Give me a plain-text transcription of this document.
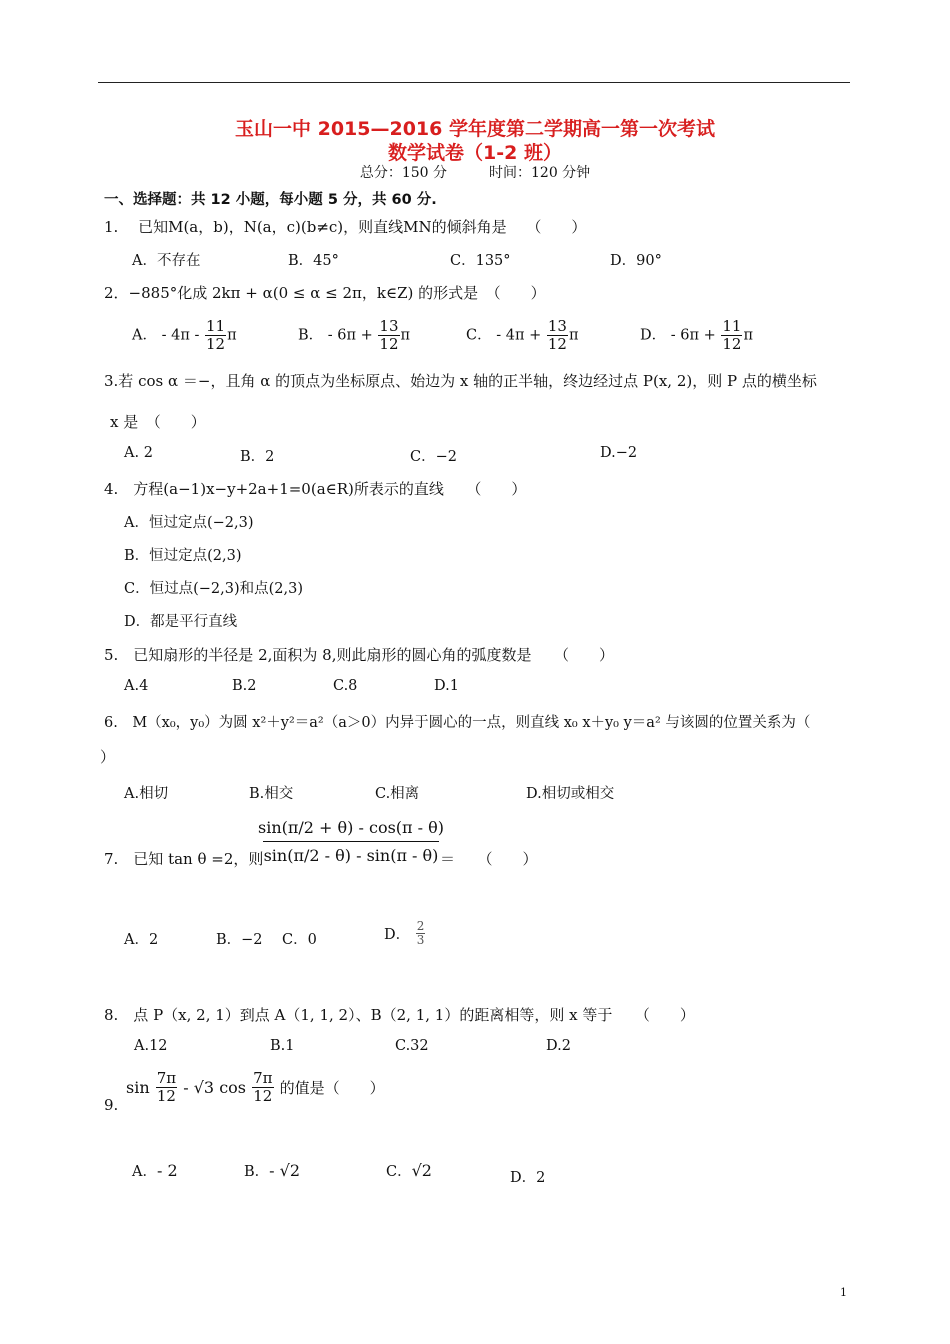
玉山一中 2015—2016 学年度第二学期高一第一次考试
数学试卷（1-2 班）
总分：150 分　　　时间：120 分钟
一、选择题：共 12 小题，每小题 5 分，共 60 分.
1.　 已知M(a，b)，N(a，c)(b≠c)，则直线MN的倾斜角是　 （　　）
A．不存在	B．45°	C．135°	D．90°
2．−885°化成 2kπ + α(0 ≤ α ≤ 2π，k∈Z) 的形式是　（　　）
A． - $4\pi - \frac{11}{12}$ π	B． - $6\pi + \frac{13}{12}$ π	C． - $4\pi + \frac{13}{12}$ π	D． - $6\pi + \frac{11}{12}$ π
3.若 cos α ＝−，且角 α 的顶点为坐标原点、始边为 x 轴的正半轴，终边经过点 P(x, 2)，则 P 点的横坐标
x 是　（　　）
A. 2	B．2	C．−2	D.−2
4.　方程(a−1)x−y+2a+1=0(a∈R)所表示的直线　　（　　）
A．恒过定点(−2,3)
B．恒过定点(2,3)
C．恒过点(−2,3)和点(2,3)
D．都是平行直线
5.　已知扇形的半径是 2,面积为 8,则此扇形的圆心角的弧度数是　　（　　）
A.4	B.2	C.8	D.1
6.　M（x₀，y₀）为圆 x²＋y²＝a²（a＞0）内异于圆心的一点，则直线 x₀ x＋y₀ y＝a² 与该圆的位置关系为（
）
A.相切	B.相交	C.相离	D.相切或相交
7.　已知 tan θ =2，则
$\frac{\sin(\pi/2 + \theta) - \cos(\pi - \theta)}{\sin(\pi/2 - \theta) - \sin(\pi - \theta)}$
＝　　（　　）
A．2	B．−2 C．0	D． $\frac{2}{3}$
8.　点 P（x, 2, 1）到点 A（1, 1, 2）、B（2, 1, 1）的距离相等，则 x 等于　　（　　）
A.12	B.1	C.32	D.2
9.
$\sin \frac{7\pi}{12} - √3$ $\cos \frac{7\pi}{12}$ 的值是（　　）
A．- 2	B．- √2	C．√2	D．2
1
